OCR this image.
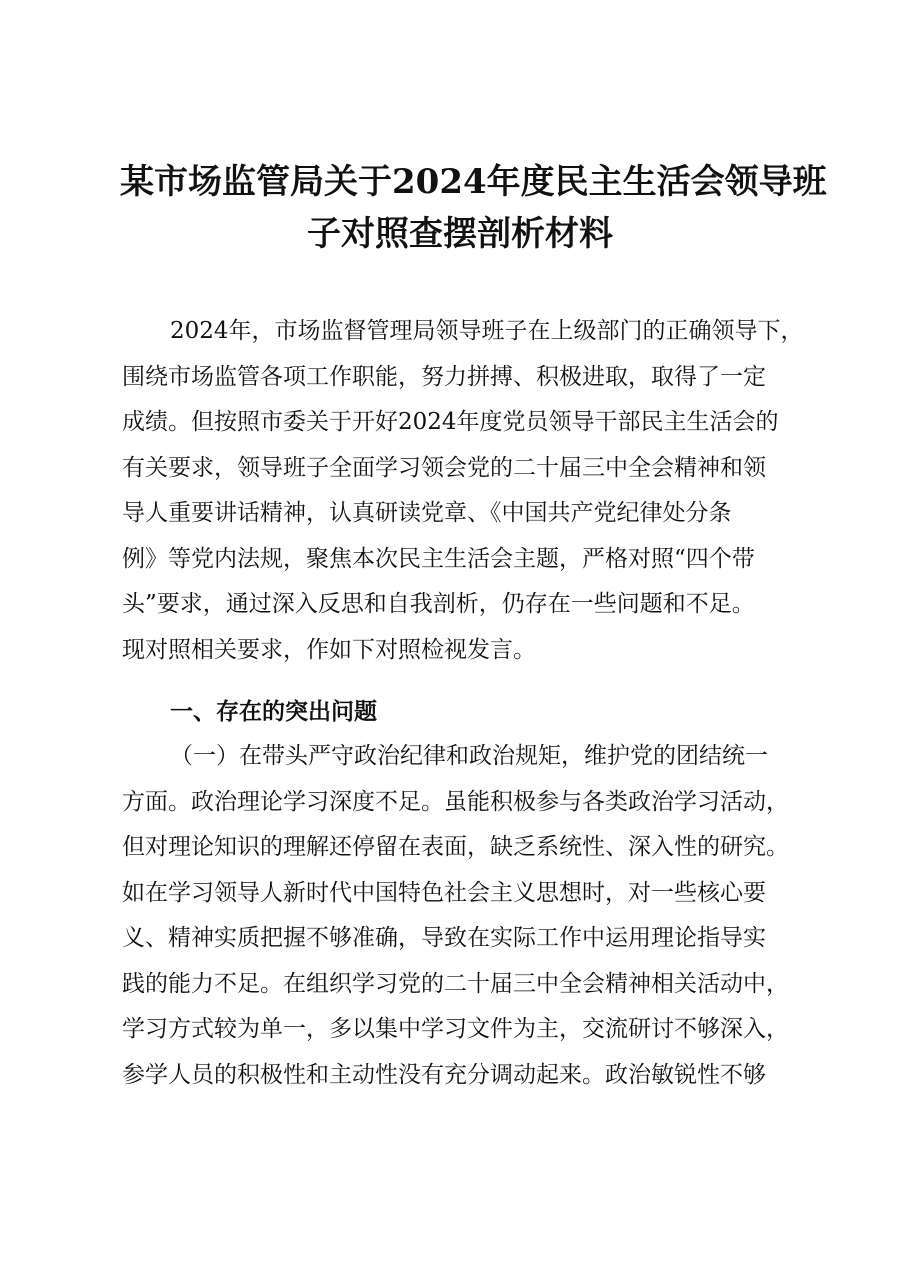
某市场监管局关于2024年度民主生活会领导班
子对照查摆剖析材料
2024年，市场监督管理局领导班子在上级部门的正确领导下，
围绕市场监管各项工作职能，努力拼搏、积极进取，取得了一定
成绩。但按照市委关于开好2024年度党员领导干部民主生活会的
有关要求，领导班子全面学习领会党的二十届三中全会精神和领
导人重要讲话精神，认真研读党章、《中国共产党纪律处分条
例》等党内法规，聚焦本次民主生活会主题，严格对照“四个带
头”要求，通过深入反思和自我剖析，仍存在一些问题和不足。
现对照相关要求，作如下对照检视发言。
一、存在的突出问题
（一）在带头严守政治纪律和政治规矩，维护党的团结统一
方面。政治理论学习深度不足。虽能积极参与各类政治学习活动，
但对理论知识的理解还停留在表面，缺乏系统性、深入性的研究。
如在学习领导人新时代中国特色社会主义思想时，对一些核心要
义、精神实质把握不够准确，导致在实际工作中运用理论指导实
践的能力不足。在组织学习党的二十届三中全会精神相关活动中，
学习方式较为单一，多以集中学习文件为主，交流研讨不够深入，
参学人员的积极性和主动性没有充分调动起来。政治敏锐性不够
